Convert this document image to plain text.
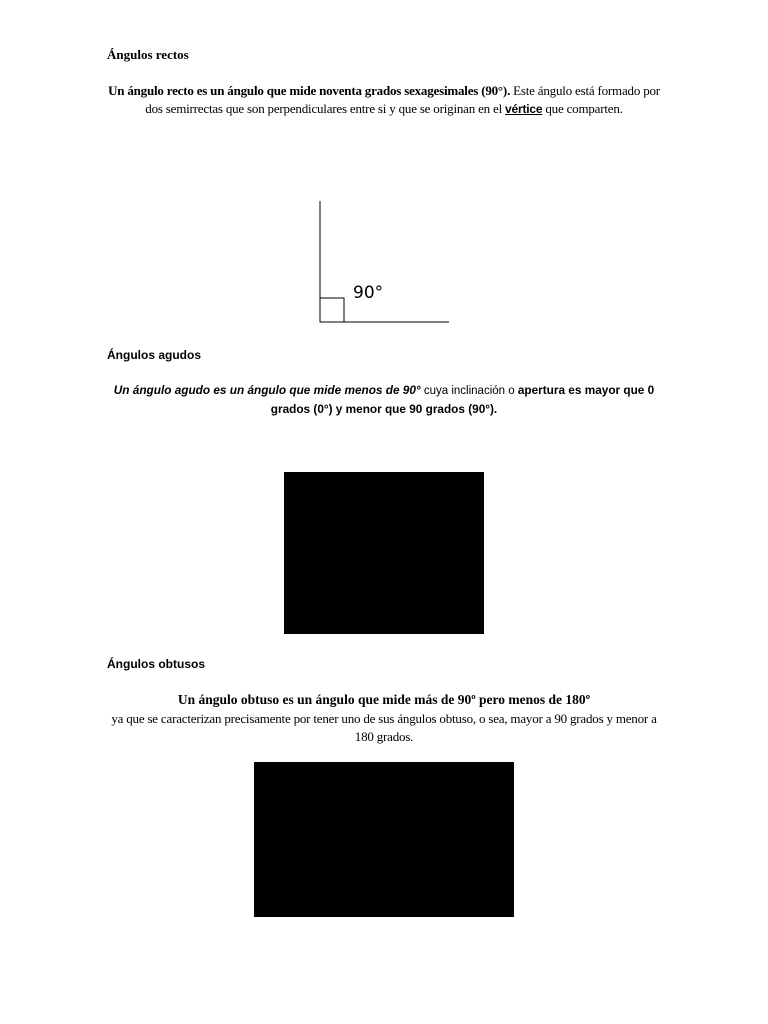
Ángulos rectos

Un ángulo recto es un ángulo que mide noventa grados sexagesimales (90°). Este ángulo está formado por dos semirrectas que son perpendiculares entre si y que se originan en el vértice que comparten.

90°
Ángulos agudos

Un ángulo agudo es un ángulo que mide menos de 90° cuya inclinación o apertura es mayor que 0 grados (0°) y menor que 90 grados (90°).

Ángulos obtusos

Un ángulo obtuso es un ángulo que mide más de 90º pero menos de 180º

ya que se caracterizan precisamente por tener uno de sus ángulos obtuso, o sea, mayor a 90 grados y menor a 180 grados.
